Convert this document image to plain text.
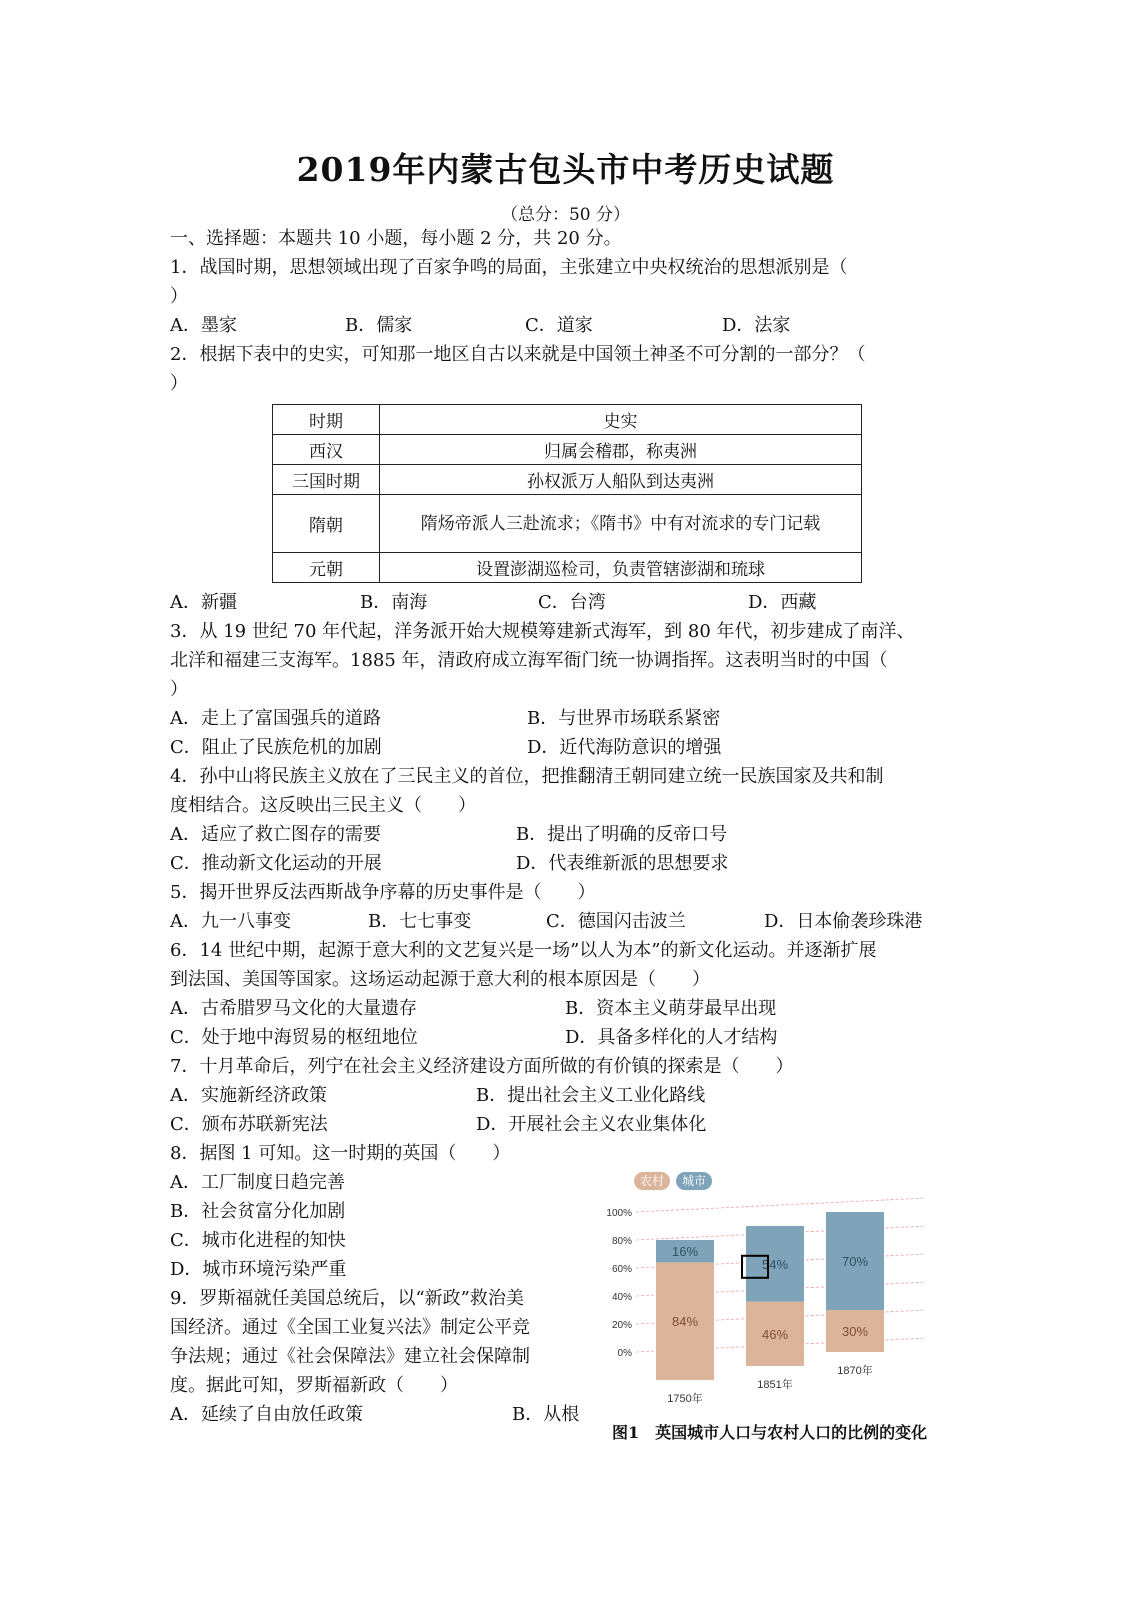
2019年内蒙古包头市中考历史试题
（总分：50 分）
一、选择题：本题共 10 小题，每小题 2 分，共 20 分。
1．战国时期，思想领域出现了百家争鸣的局面，主张建立中央权统治的思想派别是（
）
A．墨家	B．儒家	C．道家	D．法家
2．根据下表中的史实，可知那一地区自古以来就是中国领土神圣不可分割的一部分？（
）
时期	史实
西汉	归属会稽郡，称夷洲
三国时期	孙权派万人船队到达夷洲
隋朝	隋炀帝派人三赴流求；《隋书》中有对流求的专门记载
元朝	设置澎湖巡检司，负责管辖澎湖和琉球
A．新疆	B．南海	C．台湾	D．西藏
3．从 19 世纪 70 年代起，洋务派开始大规模筹建新式海军，到 80 年代，初步建成了南洋、
北洋和福建三支海军。1885 年，清政府成立海军衙门统一协调指挥。这表明当时的中国（
）
A．走上了富国强兵的道路	B．与世界市场联系紧密
C．阻止了民族危机的加剧	D．近代海防意识的增强
4．孙中山将民族主义放在了三民主义的首位，把推翻清王朝同建立统一民族国家及共和制
度相结合。这反映出三民主义（　　）
A．适应了救亡图存的需要	B．提出了明确的反帝口号
C．推动新文化运动的开展	D．代表维新派的思想要求
5．揭开世界反法西斯战争序幕的历史事件是（　　）
A．九一八事变	B．七七事变	C．德国闪击波兰	D．日本偷袭珍珠港
6．14 世纪中期，起源于意大利的文艺复兴是一场”以人为本”的新文化运动。并逐渐扩展
到法国、美国等国家。这场运动起源于意大利的根本原因是（　　）
A．古希腊罗马文化的大量遗存	B．资本主义萌芽最早出现
C．处于地中海贸易的枢纽地位	D．具备多样化的人才结构
7．十月革命后，列宁在社会主义经济建设方面所做的有价镇的探索是（　　）
A．实施新经济政策	B．提出社会主义工业化路线
C．颁布苏联新宪法	D．开展社会主义农业集体化
8．据图 1 可知。这一时期的英国（　　）
A．工厂制度日趋完善
B．社会贫富分化加剧
C．城市化进程的知快
D．城市环境污染严重
9．罗斯福就任美国总统后，以“新政”救治美
国经济。通过《全国工业复兴法》制定公平竞
争法规；通过《社会保障法》建立社会保障制
度。据此可知，罗斯福新政（　　）
A．延续了自由放任政策	B．从根
农村	城市
100%
80%
60%
40%
20%
0%
16%
84%
1750年
54%
46%
1851年
70%
30%
1870年
图1　英国城市人口与农村人口的比例的变化
